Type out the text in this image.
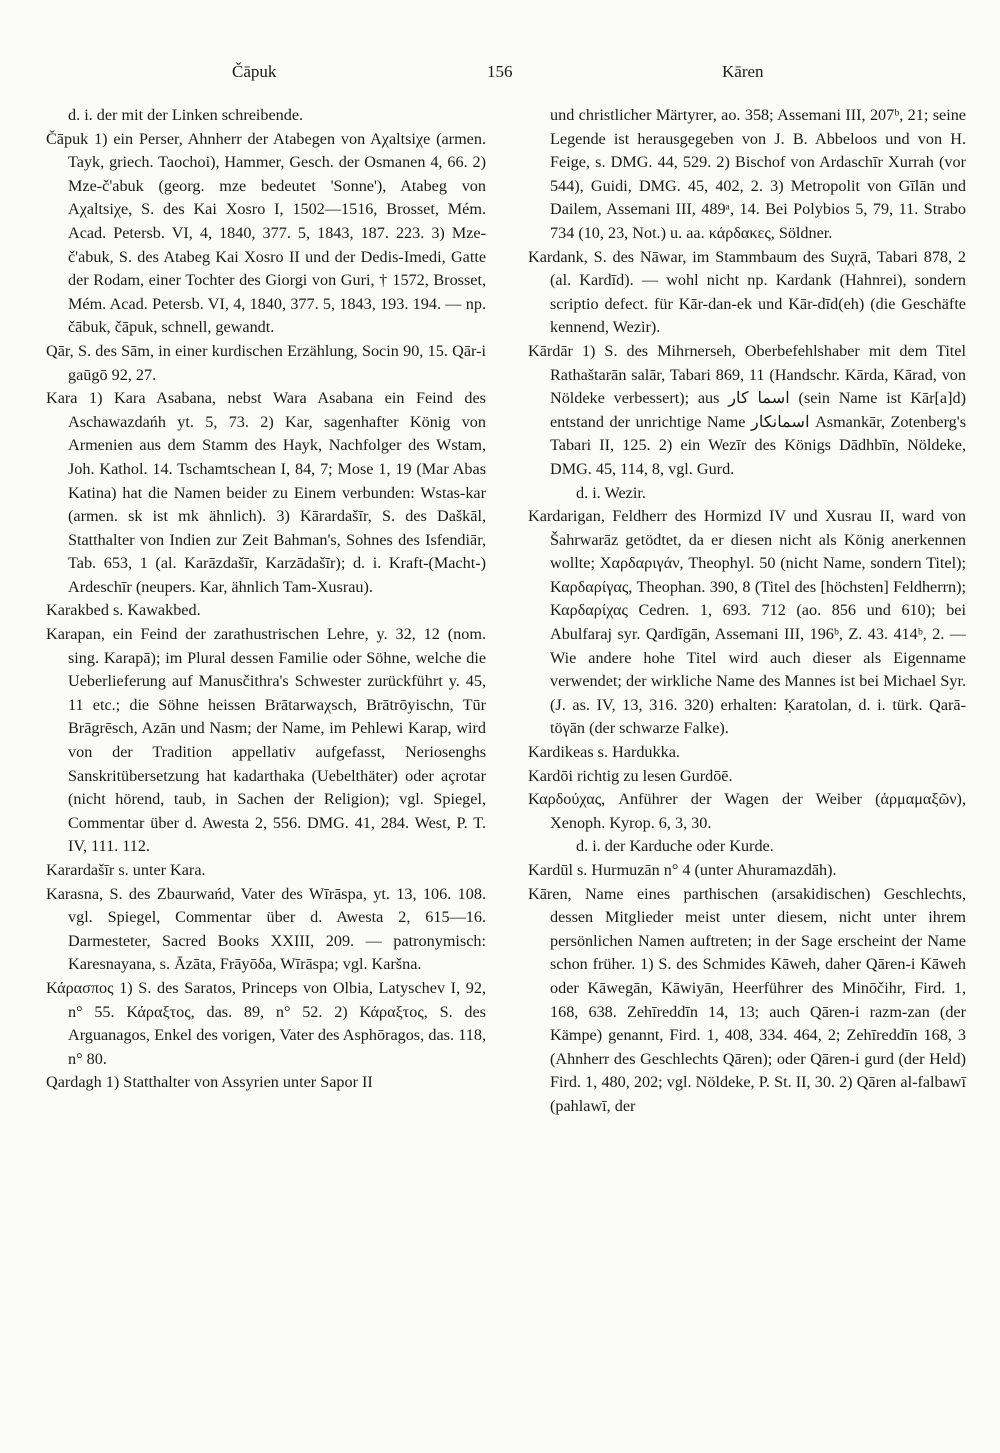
Čāpuk	156	Kāren

d. i. der mit der Linken schreibende.

Čāpuk 1) ein Perser, Ahnherr der Atabegen von Aχaltsiχe (armen. Tayk, griech. Taochoi), Hammer, Gesch. der Osmanen 4, 66. 2) Mze-č'abuk (georg. mze bedeutet 'Sonne'), Atabeg von Aχaltsiχe, S. des Kai Xosro I, 1502—1516, Brosset, Mém. Acad. Petersb. VI, 4, 1840, 377. 5, 1843, 187. 223. 3) Mze-č'abuk, S. des Atabeg Kai Xosro II und der Dedis-Imedi, Gatte der Rodam, einer Tochter des Giorgi von Guri, † 1572, Brosset, Mém. Acad. Petersb. VI, 4, 1840, 377. 5, 1843, 193. 194. — np. čābuk, čāpuk, schnell, gewandt.

Qār, S. des Sām, in einer kurdischen Erzählung, Socin 90, 15. Qār-i gaūgō 92, 27.

Kara 1) Kara Asabana, nebst Wara Asabana ein Feind des Aschawazdańh yt. 5, 73. 2) Kar, sagenhafter König von Armenien aus dem Stamm des Hayk, Nachfolger des Wstam, Joh. Kathol. 14. Tschamtschean I, 84, 7; Mose 1, 19 (Mar Abas Katina) hat die Namen beider zu Einem verbunden: Wstas-kar (armen. sk ist mk ähnlich). 3) Kārardašīr, S. des Daškāl, Statthalter von Indien zur Zeit Bahman's, Sohnes des Isfendiār, Tab. 653, 1 (al. Karāzdašīr, Karzādašīr); d. i. Kraft-(Macht-) Ardeschīr (neupers. Kar, ähnlich Tam-Xusrau).

Karakbed s. Kawakbed.

Karapan, ein Feind der zarathustrischen Lehre, y. 32, 12 (nom. sing. Karapā); im Plural dessen Familie oder Söhne, welche die Ueberlieferung auf Manusčithra's Schwester zurückführt y. 45, 11 etc.; die Söhne heissen Brātarwaχsch, Brātrōyischn, Tūr Brāgrēsch, Azān und Nasm; der Name, im Pehlewi Karap, wird von der Tradition appellativ aufgefasst, Neriosenghs Sanskritübersetzung hat kadarthaka (Uebelthäter) oder açrotar (nicht hörend, taub, in Sachen der Religion); vgl. Spiegel, Commentar über d. Awesta 2, 556. DMG. 41, 284. West, P. T. IV, 111. 112.

Karardašīr s. unter Kara.

Karasna, S. des Zbaurwańd, Vater des Wīrāspa, yt. 13, 106. 108. vgl. Spiegel, Commentar über d. Awesta 2, 615—16. Darmesteter, Sacred Books XXIII, 209. — patronymisch: Karesnayana, s. Āzāta, Frāyōδa, Wīrāspa; vgl. Karšna.

Κάρασπος 1) S. des Saratos, Princeps von Olbia, Latyschev I, 92, n° 55. Κάραξτος, das. 89, n° 52. 2) Κάραξτος, S. des Arguanagos, Enkel des vorigen, Vater des Asphōragos, das. 118, n° 80.

Qardagh 1) Statthalter von Assyrien unter Sapor II

und christlicher Märtyrer, ao. 358; Assemani III, 207ᵇ, 21; seine Legende ist herausgegeben von J. B. Abbeloos und von H. Feige, s. DMG. 44, 529. 2) Bischof von Ardaschīr Xurrah (vor 544), Guidi, DMG. 45, 402, 2. 3) Metropolit von Gīlān und Dailem, Assemani III, 489ᵃ, 14. Bei Polybios 5, 79, 11. Strabo 734 (10, 23, Not.) u. aa. κάρδακες, Söldner.

Kardank, S. des Nāwar, im Stammbaum des Suχrā, Tabari 878, 2 (al. Kardīd). — wohl nicht np. Kardank (Hahnrei), sondern scriptio defect. für Kār-dan-ek und Kār-dīd(eh) (die Geschäfte kennend, Wezir).

Kārdār 1) S. des Mihrnerseh, Oberbefehlshaber mit dem Titel Rathaštarān salār, Tabari 869, 11 (Handschr. Kārda, Kārad, von Nöldeke verbessert); aus اسما كار (sein Name ist Kār[a]d) entstand der unrichtige Name اسمانكار Asmankār, Zotenberg's Tabari II, 125. 2) ein Wezīr des Königs Dādhbīn, Nöldeke, DMG. 45, 114, 8, vgl. Gurd.

d. i. Wezir.

Kardarigan, Feldherr des Hormizd IV und Xusrau II, ward von Šahrwarāz getödtet, da er diesen nicht als König anerkennen wollte; Χαρδαριγάν, Theophyl. 50 (nicht Name, sondern Titel); Καρδαρίγας, Theophan. 390, 8 (Titel des [höchsten] Feldherrn); Καρδαρίχας Cedren. 1, 693. 712 (ao. 856 und 610); bei Abulfaraj syr. Qardīgān, Assemani III, 196ᵇ, Z. 43. 414ᵇ, 2. — Wie andere hohe Titel wird auch dieser als Eigenname verwendet; der wirkliche Name des Mannes ist bei Michael Syr. (J. as. IV, 13, 316. 320) erhalten: Ḳaratolan, d. i. türk. Qarā-töγān (der schwarze Falke).

Kardikeas s. Hardukka.

Kardōi richtig zu lesen Gurdōē.

Καρδούχας, Anführer der Wagen der Weiber (ἁρμαμαξῶν), Xenoph. Kyrop. 6, 3, 30.

d. i. der Karduche oder Kurde.

Kardūl s. Hurmuzān n° 4 (unter Ahuramazdāh).

Kāren, Name eines parthischen (arsakidischen) Geschlechts, dessen Mitglieder meist unter diesem, nicht unter ihrem persönlichen Namen auftreten; in der Sage erscheint der Name schon früher. 1) S. des Schmides Kāweh, daher Qāren-i Kāweh oder Kāwegān, Kāwiyān, Heerführer des Minōčihr, Fird. 1, 168, 638. Zehīreddīn 14, 13; auch Qāren-i razm-zan (der Kämpe) genannt, Fird. 1, 408, 334. 464, 2; Zehīreddīn 168, 3 (Ahnherr des Geschlechts Qāren); oder Qāren-i gurd (der Held) Fird. 1, 480, 202; vgl. Nöldeke, P. St. II, 30. 2) Qāren al-falbawī (pahlawī, der
